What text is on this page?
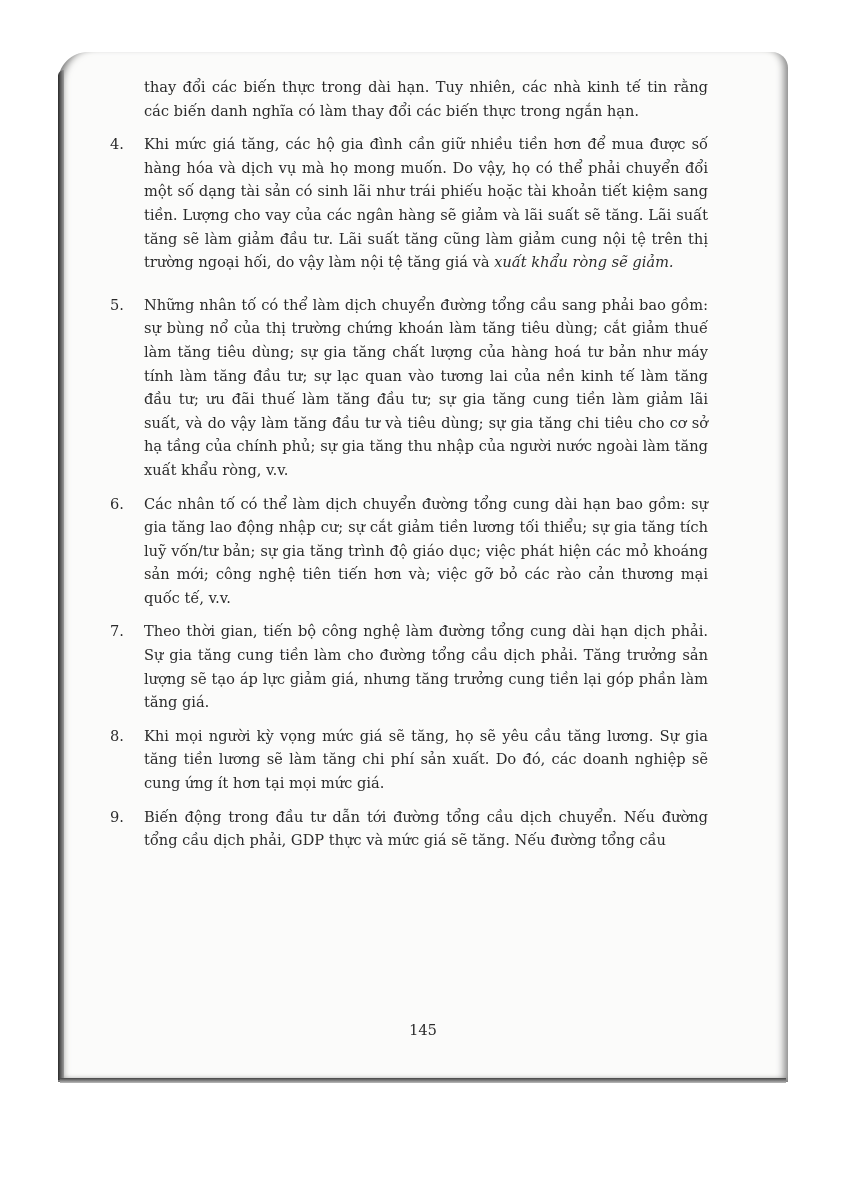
145

thay đổi các biến thực trong dài hạn. Tuy nhiên, các nhà kinh tế tin rằng các biến danh nghĩa có làm thay đổi các biến thực trong ngắn hạn.

4. Khi mức giá tăng, các hộ gia đình cần giữ nhiều tiền hơn để mua được số hàng hóa và dịch vụ mà họ mong muốn. Do vậy, họ có thể phải chuyển đổi một số dạng tài sản có sinh lãi như trái phiếu hoặc tài khoản tiết kiệm sang tiền. Lượng cho vay của các ngân hàng sẽ giảm và lãi suất sẽ tăng. Lãi suất tăng sẽ làm giảm đầu tư. Lãi suất tăng cũng làm giảm cung nội tệ trên thị trường ngoại hối, do vậy làm nội tệ tăng giá và xuất khẩu ròng sẽ giảm.
5. Những nhân tố có thể làm dịch chuyển đường tổng cầu sang phải bao gồm: sự bùng nổ của thị trường chứng khoán làm tăng tiêu dùng; cắt giảm thuế làm tăng tiêu dùng; sự gia tăng chất lượng của hàng hoá tư bản như máy tính làm tăng đầu tư; sự lạc quan vào tương lai của nền kinh tế làm tăng đầu tư; ưu đãi thuế làm tăng đầu tư; sự gia tăng cung tiền làm giảm lãi suất, và do vậy làm tăng đầu tư và tiêu dùng; sự gia tăng chi tiêu cho cơ sở hạ tầng của chính phủ; sự gia tăng thu nhập của người nước ngoài làm tăng xuất khẩu ròng, v.v.
6. Các nhân tố có thể làm dịch chuyển đường tổng cung dài hạn bao gồm: sự gia tăng lao động nhập cư; sự cắt giảm tiền lương tối thiểu; sự gia tăng tích luỹ vốn/tư bản; sự gia tăng trình độ giáo dục; việc phát hiện các mỏ khoáng sản mới; công nghệ tiên tiến hơn và; việc gỡ bỏ các rào cản thương mại quốc tế, v.v.
7. Theo thời gian, tiến bộ công nghệ làm đường tổng cung dài hạn dịch phải. Sự gia tăng cung tiền làm cho đường tổng cầu dịch phải. Tăng trưởng sản lượng sẽ tạo áp lực giảm giá, nhưng tăng trưởng cung tiền lại góp phần làm tăng giá.
8. Khi mọi người kỳ vọng mức giá sẽ tăng, họ sẽ yêu cầu tăng lương. Sự gia tăng tiền lương sẽ làm tăng chi phí sản xuất. Do đó, các doanh nghiệp sẽ cung ứng ít hơn tại mọi mức giá.
9. Biến động trong đầu tư dẫn tới đường tổng cầu dịch chuyển. Nếu đường tổng cầu dịch phải, GDP thực và mức giá sẽ tăng. Nếu đường tổng cầu
